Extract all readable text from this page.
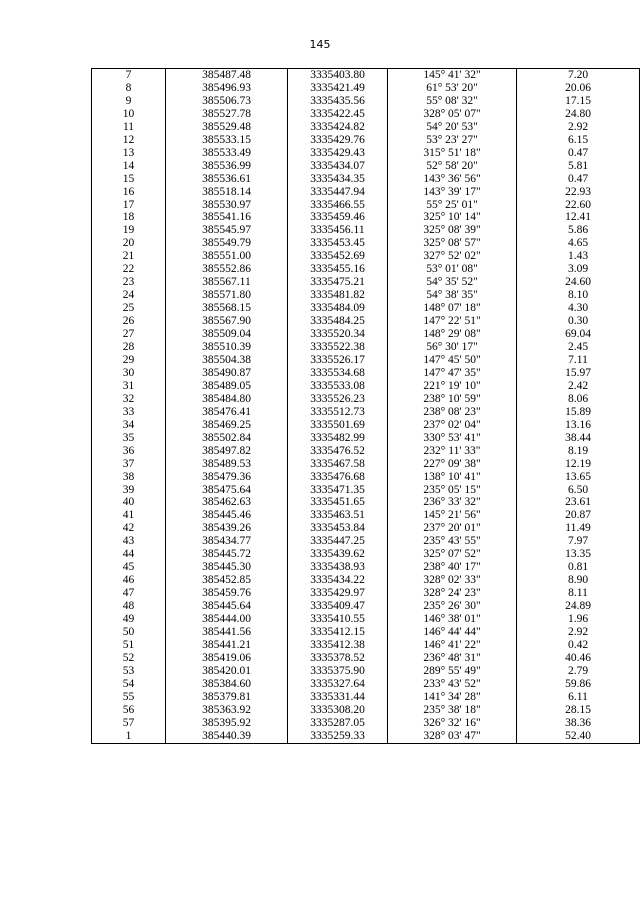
145
7	385487.48	3335403.80	145° 41' 32"	7.20
8	385496.93	3335421.49	61° 53' 20"	20.06
9	385506.73	3335435.56	55° 08' 32"	17.15
10	385527.78	3335422.45	328° 05' 07"	24.80
11	385529.48	3335424.82	54° 20' 53"	2.92
12	385533.15	3335429.76	53° 23' 27"	6.15
13	385533.49	3335429.43	315° 51' 18"	0.47
14	385536.99	3335434.07	52° 58' 20"	5.81
15	385536.61	3335434.35	143° 36' 56"	0.47
16	385518.14	3335447.94	143° 39' 17"	22.93
17	385530.97	3335466.55	55° 25' 01"	22.60
18	385541.16	3335459.46	325° 10' 14"	12.41
19	385545.97	3335456.11	325° 08' 39"	5.86
20	385549.79	3335453.45	325° 08' 57"	4.65
21	385551.00	3335452.69	327° 52' 02"	1.43
22	385552.86	3335455.16	53° 01' 08"	3.09
23	385567.11	3335475.21	54° 35' 52"	24.60
24	385571.80	3335481.82	54° 38' 35"	8.10
25	385568.15	3335484.09	148° 07' 18"	4.30
26	385567.90	3335484.25	147° 22' 51"	0.30
27	385509.04	3335520.34	148° 29' 08"	69.04
28	385510.39	3335522.38	56° 30' 17"	2.45
29	385504.38	3335526.17	147° 45' 50"	7.11
30	385490.87	3335534.68	147° 47' 35"	15.97
31	385489.05	3335533.08	221° 19' 10"	2.42
32	385484.80	3335526.23	238° 10' 59"	8.06
33	385476.41	3335512.73	238° 08' 23"	15.89
34	385469.25	3335501.69	237° 02' 04"	13.16
35	385502.84	3335482.99	330° 53' 41"	38.44
36	385497.82	3335476.52	232° 11' 33"	8.19
37	385489.53	3335467.58	227° 09' 38"	12.19
38	385479.36	3335476.68	138° 10' 41"	13.65
39	385475.64	3335471.35	235° 05' 15"	6.50
40	385462.63	3335451.65	236° 33' 32"	23.61
41	385445.46	3335463.51	145° 21' 56"	20.87
42	385439.26	3335453.84	237° 20' 01"	11.49
43	385434.77	3335447.25	235° 43' 55"	7.97
44	385445.72	3335439.62	325° 07' 52"	13.35
45	385445.30	3335438.93	238° 40' 17"	0.81
46	385452.85	3335434.22	328° 02' 33"	8.90
47	385459.76	3335429.97	328° 24' 23"	8.11
48	385445.64	3335409.47	235° 26' 30"	24.89
49	385444.00	3335410.55	146° 38' 01"	1.96
50	385441.56	3335412.15	146° 44' 44"	2.92
51	385441.21	3335412.38	146° 41' 22"	0.42
52	385419.06	3335378.52	236° 48' 31"	40.46
53	385420.01	3335375.90	289° 55' 49"	2.79
54	385384.60	3335327.64	233° 43' 52"	59.86
55	385379.81	3335331.44	141° 34' 28"	6.11
56	385363.92	3335308.20	235° 38' 18"	28.15
57	385395.92	3335287.05	326° 32' 16"	38.36
1	385440.39	3335259.33	328° 03' 47"	52.40
